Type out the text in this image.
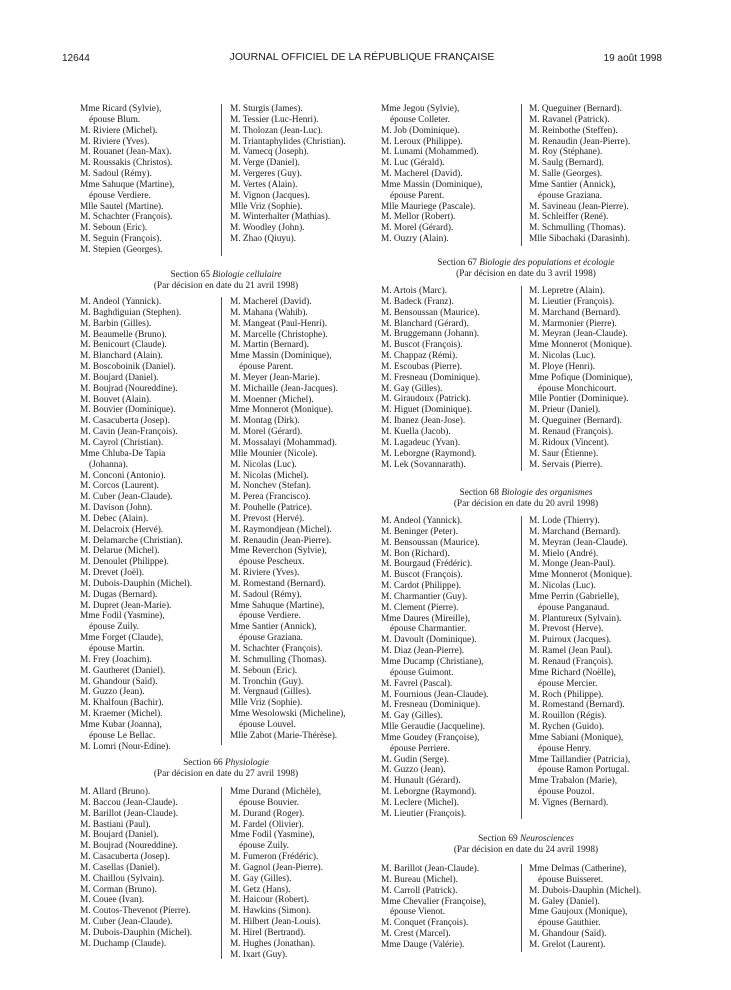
12644	JOURNAL OFFICIEL DE LA RÉPUBLIQUE FRANÇAISE	19 août 1998
Mme Ricard (Sylvie),
épouse Blum.
M. Riviere (Michel).
M. Riviere (Yves).
M. Rouanet (Jean-Max).
M. Roussakis (Christos).
M. Sadoul (Rémy).
Mme Sahuque (Martine),
épouse Verdiere.
Mlle Sautel (Martine).
M. Schachter (François).
M. Seboun (Eric).
M. Seguin (François).
M. Stepien (Georges).
M. Sturgis (James).
M. Tessier (Luc-Henri).
M. Tholozan (Jean-Luc).
M. Triantaphylides (Christian).
M. Vamecq (Joseph).
M. Verge (Daniel).
M. Vergeres (Guy).
M. Vertes (Alain).
M. Vignon (Jacques).
Mlle Vriz (Sophie).
M. Winterhalter (Mathias).
M. Woodley (John).
M. Zhao (Qiuyu).
Mme Jegou (Sylvie),
épouse Colleter.
M. Job (Dominique).
M. Leroux (Philippe).
M. Lunami (Mohammed).
M. Luc (Gérald).
M. Macherel (David).
Mme Massin (Dominique),
épouse Parent.
Mlle Mauriege (Pascale).
M. Mellor (Robert).
M. Morel (Gérard).
M. Ouzry (Alain).
M. Queguiner (Bernard).
M. Ravanel (Patrick).
M. Reinbothe (Steffen).
M. Renaudin (Jean-Pierre).
M. Roy (Stéphane).
M. Saulg (Bernard).
M. Salle (Georges).
Mme Santier (Annick),
épouse Graziana.
M. Savineau (Jean-Pierre).
M. Schleiffer (René).
M. Schmulling (Thomas).
Mlle Sibachaki (Darasinh).
Section 65 Biologie cellulaire
(Par décision en date du 21 avril 1998)
M. Andeol (Yannick).
M. Baghdiguian (Stephen).
M. Barbin (Gilles).
M. Beaumelle (Bruno).
M. Benicourt (Claude).
M. Blanchard (Alain).
M. Boscoboinik (Daniel).
M. Boujard (Daniel).
M. Boujrad (Noureddine).
M. Bouvet (Alain).
M. Bouvier (Dominique).
M. Casacuberta (Josep).
M. Cavin (Jean-François).
M. Cayrol (Christian).
Mme Chluba-De Tapia
(Johanna).
M. Conconi (Antonio).
M. Corcos (Laurent).
M. Cuber (Jean-Claude).
M. Davison (John).
M. Debec (Alain).
M. Delacroix (Hervé).
M. Delamarche (Christian).
M. Delarue (Michel).
M. Denoulet (Philippe).
M. Drevet (Joël).
M. Dubois-Dauphin (Michel).
M. Dugas (Bernard).
M. Dupret (Jean-Marie).
Mme Fodil (Yasmine),
épouse Zuily.
Mme Forget (Claude),
épouse Martin.
M. Frey (Joachim).
M. Gautheret (Daniel).
M. Ghandour (Saïd).
M. Guzzo (Jean).
M. Khalfoun (Bachir).
M. Kraemer (Michel).
Mme Kubar (Joanna),
épouse Le Bellac.
M. Lomri (Nour-Edine).
M. Macherel (David).
M. Mahana (Wahib).
M. Mangeat (Paul-Henri).
M. Marcelle (Christophe).
M. Martin (Bernard).
Mme Massin (Dominique),
épouse Parent.
M. Meyer (Jean-Marie).
M. Michaille (Jean-Jacques).
M. Moenner (Michel).
Mme Monnerot (Monique).
M. Montag (Dirk).
M. Morel (Gérard).
M. Mossalayi (Mohammad).
Mlle Mounier (Nicole).
M. Nicolas (Luc).
M. Nicolas (Michel).
M. Nonchev (Stefan).
M. Perea (Francisco).
M. Pouhelle (Patrice).
M. Prevost (Hervé).
M. Raymondjean (Michel).
M. Renaudin (Jean-Pierre).
Mme Reverchon (Sylvie),
épouse Pescheux.
M. Riviere (Yves).
M. Romestand (Bernard).
M. Sadoul (Rémy).
Mme Sahuque (Martine),
épouse Verdiere.
Mme Santier (Annick),
épouse Graziana.
M. Schachter (François).
M. Schmulling (Thomas).
M. Seboun (Eric).
M. Tronchin (Guy).
M. Vergnaud (Gilles).
Mlle Vriz (Sophie).
Mme Wesolowski (Micheline),
épouse Louvel.
Mlle Zabot (Marie-Thérèse).
Section 66 Physiologie
(Par décision en date du 27 avril 1998)
M. Allard (Bruno).
M. Baccou (Jean-Claude).
M. Barillot (Jean-Claude).
M. Bastiani (Paul).
M. Boujard (Daniel).
M. Boujrad (Noureddine).
M. Casacuberta (Josep).
M. Casellas (Daniel).
M. Chaillou (Sylvain).
M. Corman (Bruno).
M. Couee (Ivan).
M. Coutos-Thevenot (Pierre).
M. Cuber (Jean-Claude).
M. Dubois-Dauphin (Michel).
M. Duchamp (Claude).
Mme Durand (Michèle),
épouse Bouvier.
M. Durand (Roger).
M. Fardel (Olivier).
Mme Fodil (Yasmine),
épouse Zuily.
M. Fumeron (Frédéric).
M. Gagnol (Jean-Pierre).
M. Gay (Gilles).
M. Getz (Hans).
M. Haicour (Robert).
M. Hawkins (Simon).
M. Hilbert (Jean-Louis).
M. Hirel (Bertrand).
M. Hughes (Jonathan).
M. Ixart (Guy).
Section 67 Biologie des populations et écologie
(Par décision en date du 3 avril 1998)
M. Artois (Marc).
M. Badeck (Franz).
M. Bensoussan (Maurice).
M. Blanchard (Gérard).
M. Bruggemann (Johann).
M. Buscot (François).
M. Chappaz (Rémi).
M. Escoubas (Pierre).
M. Fresneau (Dominique).
M. Gay (Gilles).
M. Giraudoux (Patrick).
M. Higuet (Dominique).
M. Ibanez (Jean-Jose).
M. Kuella (Jacob).
M. Lagadeuc (Yvan).
M. Leborgne (Raymond).
M. Lek (Sovannarath).
M. Lepretre (Alain).
M. Lieutier (François).
M. Marchand (Bernard).
M. Marmonier (Pierre).
M. Meyran (Jean-Claude).
Mme Monnerot (Monique).
M. Nicolas (Luc).
M. Ploye (Henri).
Mme Pofique (Dominique),
épouse Monchicourt.
Mlle Pontier (Dominique).
M. Prieur (Daniel).
M. Queguiner (Bernard).
M. Renaud (François).
M. Ridoux (Vincent).
M. Saur (Étienne).
M. Servais (Pierre).
Section 68 Biologie des organismes
(Par décision en date du 20 avril 1998)
M. Andeol (Yannick).
M. Beninger (Peter).
M. Bensoussan (Maurice).
M. Bon (Richard).
M. Bourgaud (Frédéric).
M. Buscot (François).
M. Cardot (Philippe).
M. Charmantier (Guy).
M. Clement (Pierre).
Mme Daures (Mireille),
épouse Charmantier.
M. Davoult (Dominique).
M. Diaz (Jean-Pierre).
Mme Ducamp (Christiane),
épouse Guimont.
M. Favrel (Pascal).
M. Fournious (Jean-Claude).
M. Fresneau (Dominique).
M. Gay (Gilles).
Mlle Geraudie (Jacqueline).
Mme Goudey (Françoise),
épouse Perriere.
M. Gudin (Serge).
M. Guzzo (Jean).
M. Hunault (Gérard).
M. Leborgne (Raymond).
M. Leclere (Michel).
M. Lieutier (François).
M. Lode (Thierry).
M. Marchand (Bernard).
M. Meyran (Jean-Claude).
M. Mielo (André).
M. Monge (Jean-Paul).
Mme Monnerot (Monique).
M. Nicolas (Luc).
Mme Perrin (Gabrielle),
épouse Panganaud.
M. Plantureux (Sylvain).
M. Prevost (Herve).
M. Puiroux (Jacques).
M. Ramel (Jean Paul).
M. Renaud (François).
Mme Richard (Noëlle),
épouse Mercier.
M. Roch (Philippe).
M. Romestand (Bernard).
M. Rouillon (Régis).
M. Rychen (Guido).
Mme Sabiani (Monique),
épouse Henry.
Mme Taillandier (Patricia),
épouse Ramon Portugal.
Mme Trabalon (Marie),
épouse Pouzol.
M. Vignes (Bernard).
Section 69 Neurosciences
(Par décision en date du 24 avril 1998)
M. Barillot (Jean-Claude).
M. Bureau (Michel).
M. Carroll (Patrick).
Mme Chevalier (Françoise),
épouse Vienot.
M. Conquet (François).
M. Crest (Marcel).
Mme Dauge (Valérie).
Mme Delmas (Catherine),
épouse Buisseret.
M. Dubois-Dauphin (Michel).
M. Galey (Daniel).
Mme Gaujoux (Monique),
épouse Gauthier.
M. Ghandour (Saïd).
M. Grelot (Laurent).
